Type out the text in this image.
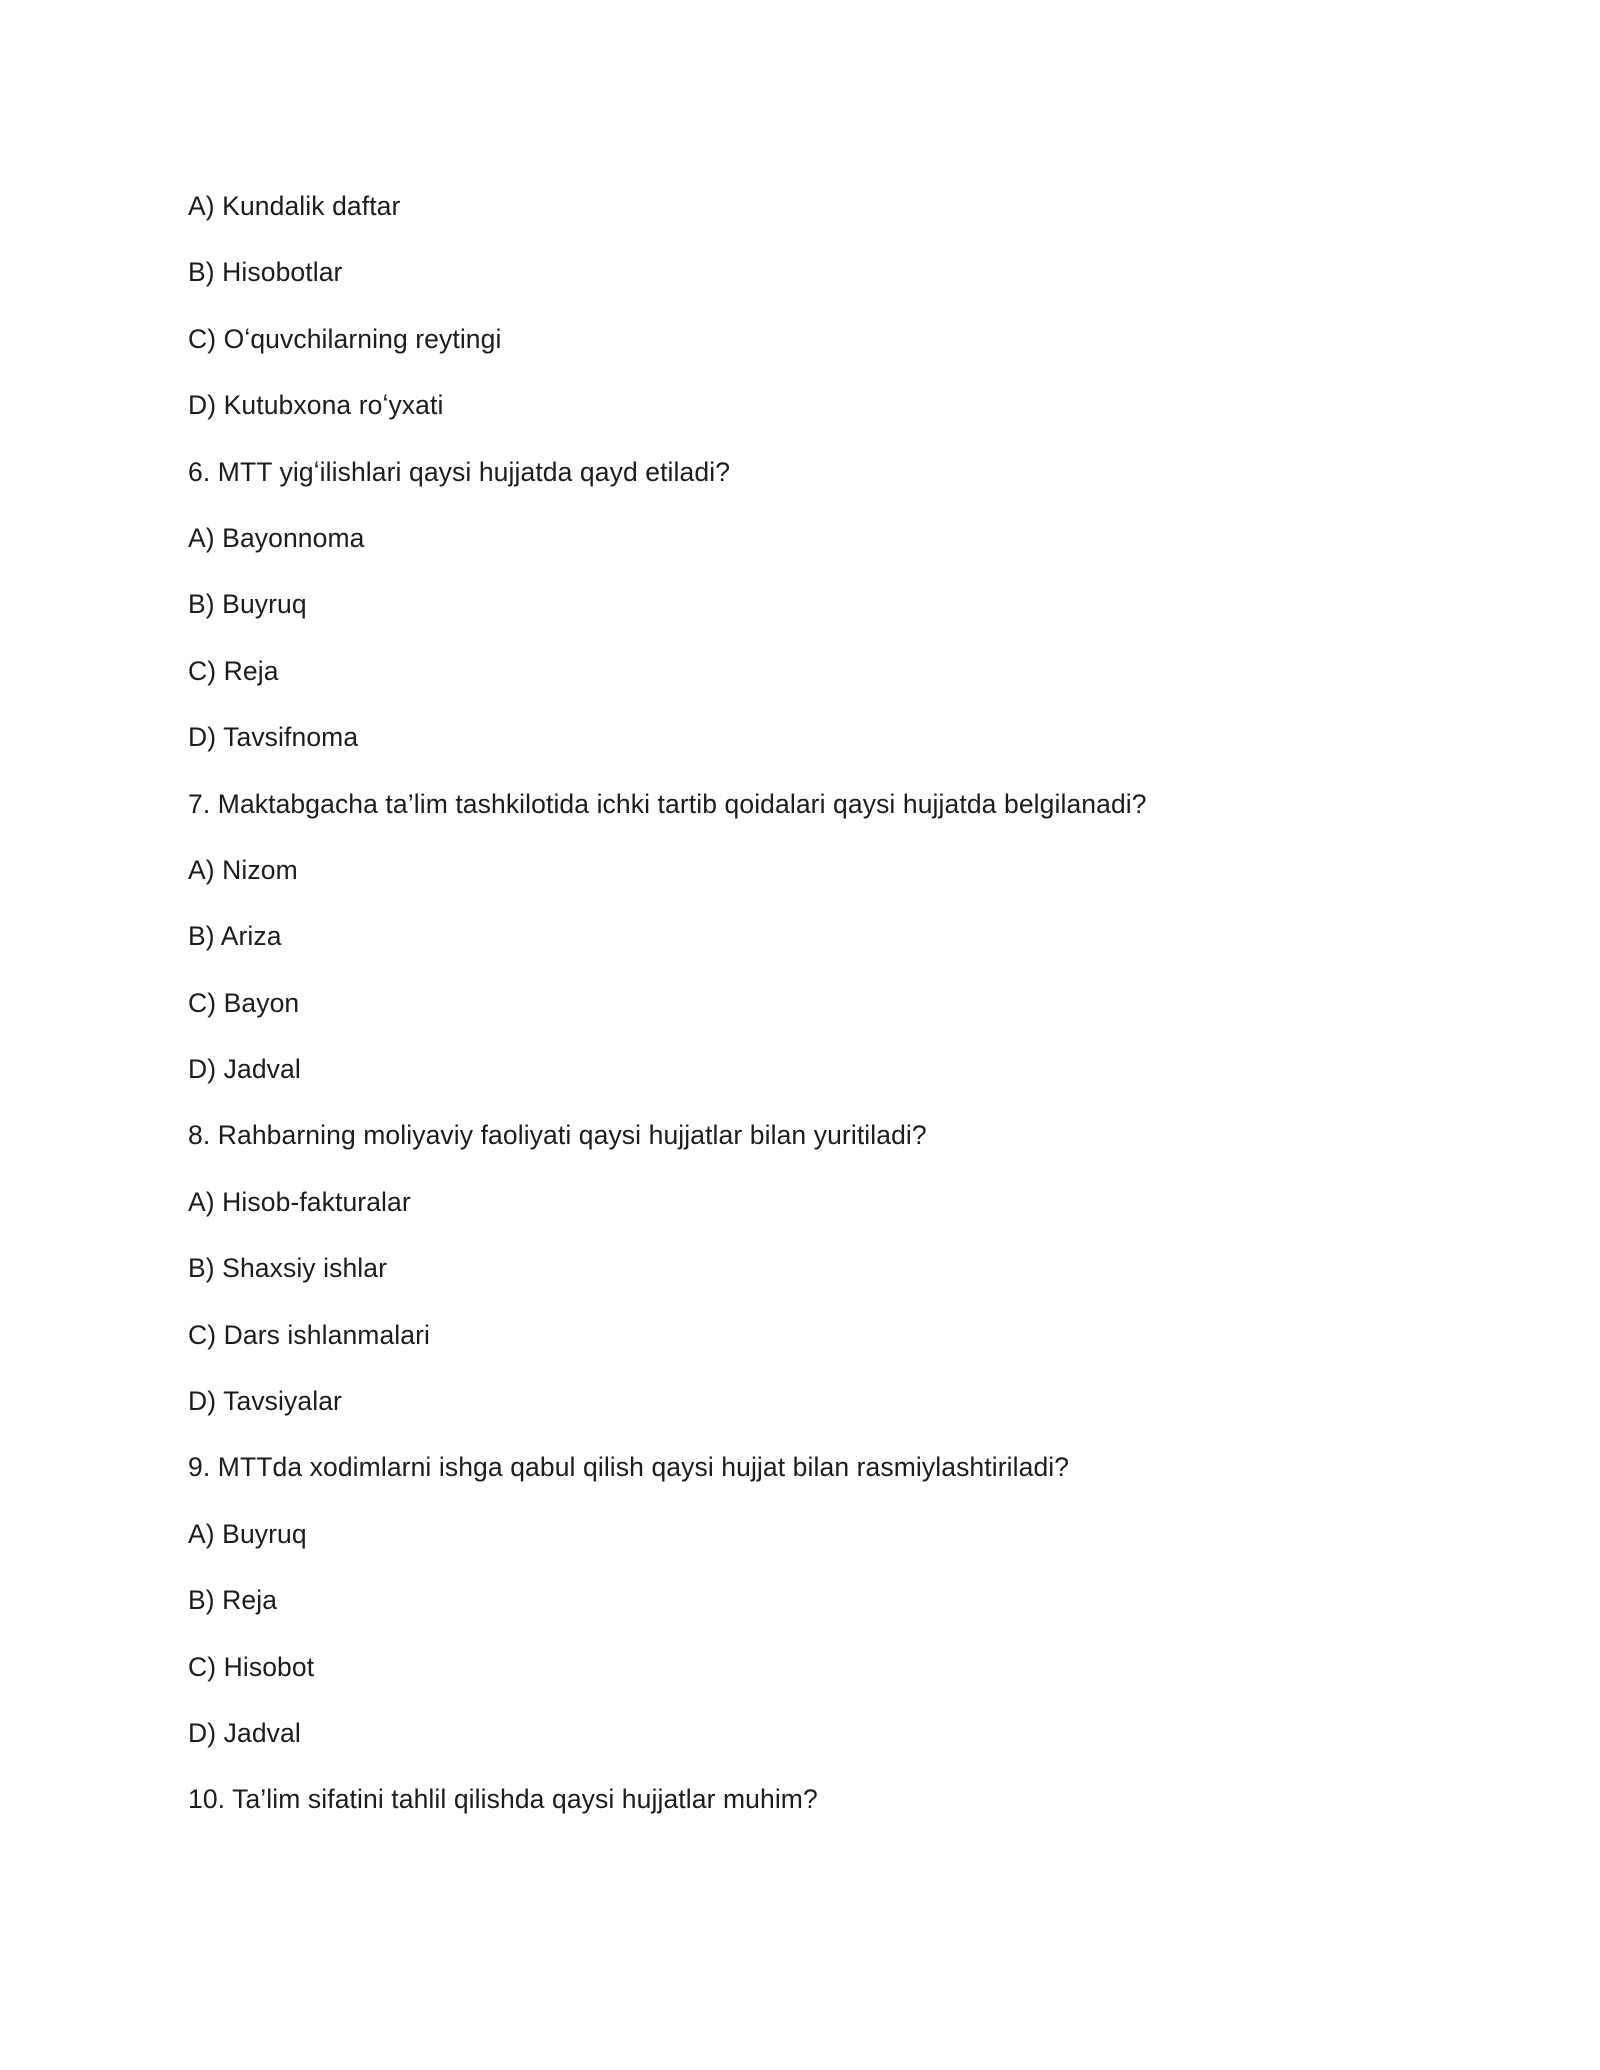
A) Kundalik daftar
B) Hisobotlar
C) Oʻquvchilarning reytingi
D) Kutubxona roʻyxati
6. MTT yigʻilishlari qaysi hujjatda qayd etiladi?
A) Bayonnoma
B) Buyruq
C) Reja
D) Tavsifnoma
7. Maktabgacha ta’lim tashkilotida ichki tartib qoidalari qaysi hujjatda belgilanadi?
A) Nizom
B) Ariza
C) Bayon
D) Jadval
8. Rahbarning moliyaviy faoliyati qaysi hujjatlar bilan yuritiladi?
A) Hisob-fakturalar
B) Shaxsiy ishlar
C) Dars ishlanmalari
D) Tavsiyalar
9. MTTda xodimlarni ishga qabul qilish qaysi hujjat bilan rasmiylashtiriladi?
A) Buyruq
B) Reja
C) Hisobot
D) Jadval
10. Ta’lim sifatini tahlil qilishda qaysi hujjatlar muhim?
